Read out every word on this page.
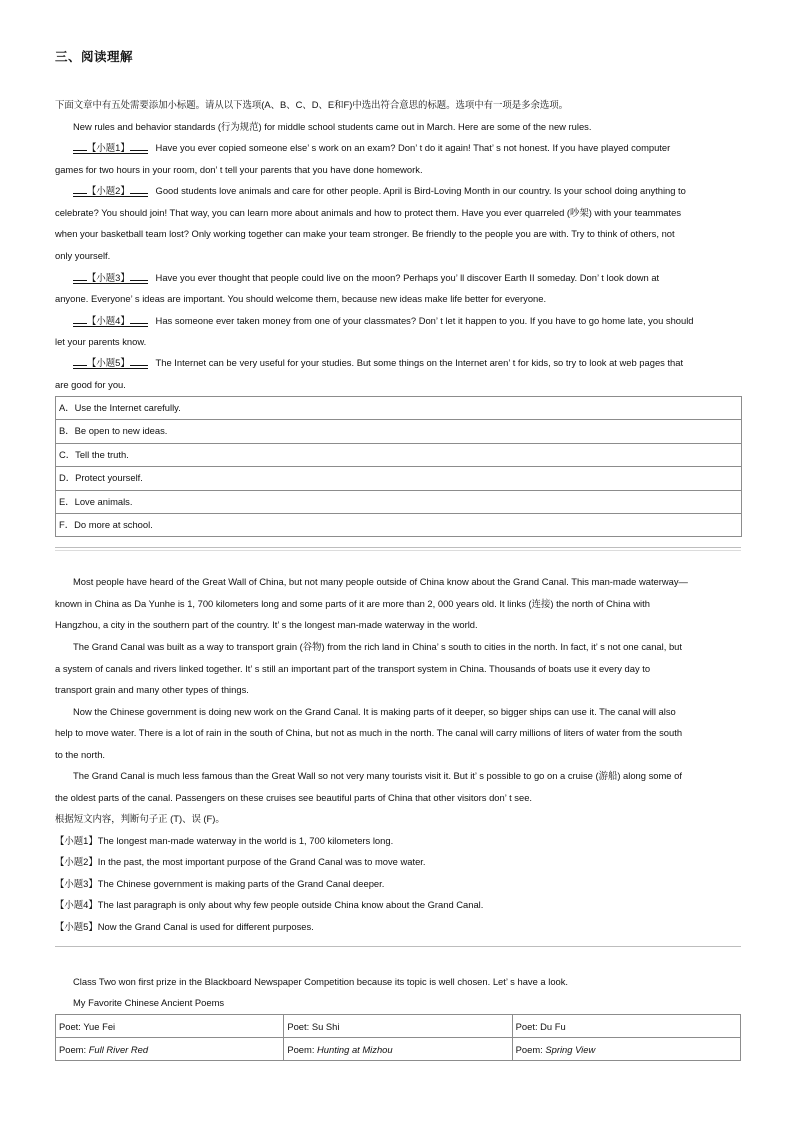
三、阅读理解
下面文章中有五处需要添加小标题。请从以下选项(A、B、C、D、E和F)中选出符合意思的标题。选项中有一项是多余选项。
New rules and behavior standards (行为规范) for middle school students came out in March. Here are some of the new rules.
【小题1】	Have you ever copied someone else’ s work on an exam? Don’ t do it again! That’ s not honest. If you have played computer
games for two hours in your room, don’ t tell your parents that you have done homework.
【小题2】	Good students love animals and care for other people. April is Bird-Loving Month in our country. Is your school doing anything to
celebrate? You should join! That way, you can learn more about animals and how to protect them. Have you ever quarreled (吵架) with your teammates
when your basketball team lost? Only working together can make your team stronger. Be friendly to the people you are with. Try to think of others, not
only yourself.
【小题3】	Have you ever thought that people could live on the moon? Perhaps you’ ll discover Earth II someday. Don’ t look down at
anyone. Everyone’ s ideas are important. You should welcome them, because new ideas make life better for everyone.
【小题4】	Has someone ever taken money from one of your classmates? Don’ t let it happen to you. If you have to go home late, you should
let your parents know.
【小题5】	The Internet can be very useful for your studies. But some things on the Internet aren’ t for kids, so try to look at web pages that
are good for you.
A．Use the Internet carefully.
B．Be open to new ideas.
C．Tell the truth.
D．Protect yourself.
E．Love animals.
F．Do more at school.
Most people have heard of the Great Wall of China, but not many people outside of China know about the Grand Canal. This man-made waterway—
known in China as Da Yunhe is 1, 700 kilometers long and some parts of it are more than 2, 000 years old. It links (连接) the north of China with
Hangzhou, a city in the southern part of the country. It’ s the longest man-made waterway in the world.
The Grand Canal was built as a way to transport grain (谷物) from the rich land in China’ s south to cities in the north. In fact, it’ s not one canal, but
a system of canals and rivers linked together. It’ s still an important part of the transport system in China. Thousands of boats use it every day to
transport grain and many other types of things.
Now the Chinese government is doing new work on the Grand Canal. It is making parts of it deeper, so bigger ships can use it. The canal will also
help to move water. There is a lot of rain in the south of China, but not as much in the north. The canal will carry millions of liters of water from the south
to the north.
The Grand Canal is much less famous than the Great Wall so not very many tourists visit it. But it’ s possible to go on a cruise (游船) along some of
the oldest parts of the canal. Passengers on these cruises see beautiful parts of China that other visitors don’ t see.
根据短文内容，判断句子正 (T)、误 (F)。
【小题1】The longest man-made waterway in the world is 1, 700 kilometers long.
【小题2】In the past, the most important purpose of the Grand Canal was to move water.
【小题3】The Chinese government is making parts of the Grand Canal deeper.
【小题4】The last paragraph is only about why few people outside China know about the Grand Canal.
【小题5】Now the Grand Canal is used for different purposes.
Class Two won first prize in the Blackboard Newspaper Competition because its topic is well chosen. Let’ s have a look.
My Favorite Chinese Ancient Poems
Poet: Yue Fei	Poet: Su Shi	Poet: Du Fu
Poem: Full River Red	Poem: Hunting at Mizhou	Poem: Spring View
